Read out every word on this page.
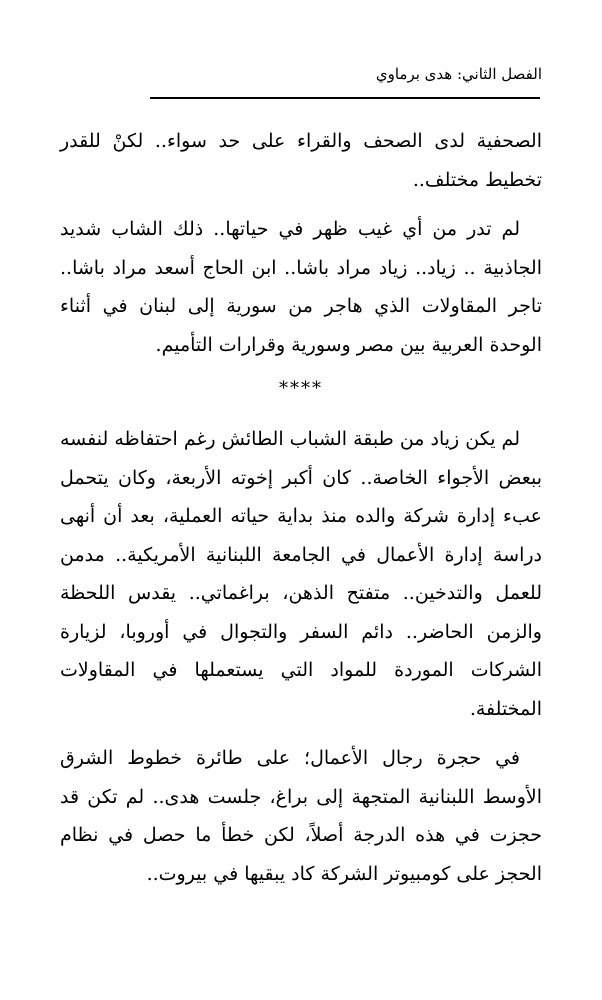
الفصل الثاني: هدى برماوي

الصحفية لدى الصحف والقراء على حد سواء.. لكنْ للقدر تخطيط مختلف..

لم تدر من أي غيب ظهر في حياتها.. ذلك الشاب شديد الجاذبية .. زياد.. زياد مراد باشا.. ابن الحاج أسعد مراد باشا.. تاجر المقاولات الذي هاجر من سورية إلى لبنان في أثناء الوحدة العربية بين مصر وسورية وقرارات التأميم.

****

لم يكن زياد من طبقة الشباب الطائش رغم احتفاظه لنفسه ببعض الأجواء الخاصة.. كان أكبر إخوته الأربعة، وكان يتحمل عبء إدارة شركة والده منذ بداية حياته العملية، بعد أن أنهى دراسة إدارة الأعمال في الجامعة اللبنانية الأمريكية.. مدمن للعمل والتدخين.. متفتح الذهن، براغماتي.. يقدس اللحظة والزمن الحاضر.. دائم السفر والتجوال في أوروبا، لزيارة الشركات الموردة للمواد التي يستعملها في المقاولات المختلفة.

في حجرة رجال الأعمال؛ على طائرة خطوط الشرق الأوسط اللبنانية المتجهة إلى براغ، جلست هدى.. لم تكن قد حجزت في هذه الدرجة أصلاً، لكن خطأ ما حصل في نظام الحجز على كومبيوتر الشركة كاد يبقيها في بيروت..
